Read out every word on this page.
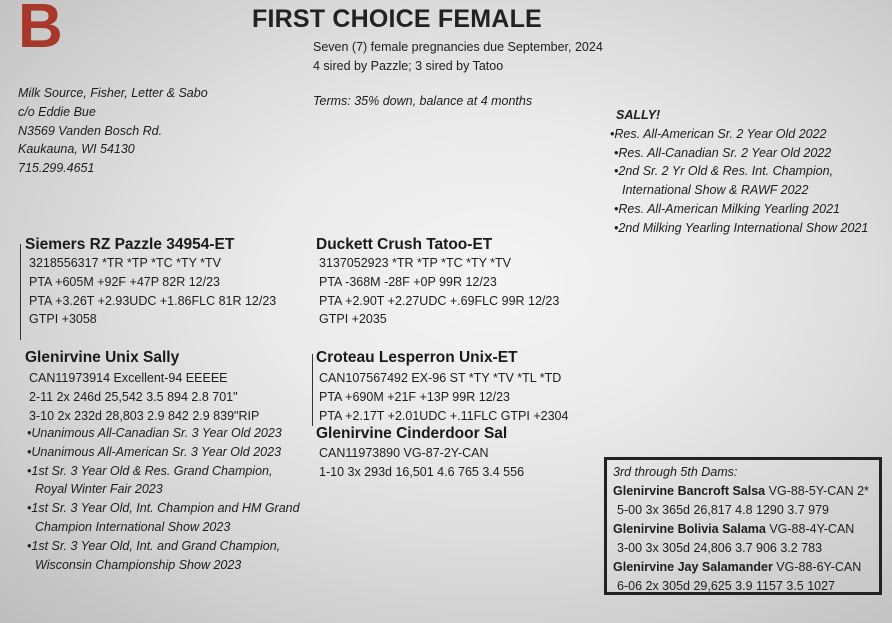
B	FIRST CHOICE FEMALE
Seven (7) female pregnancies due September, 2024
4 sired by Pazzle; 3 sired by Tatoo
Terms: 35% down, balance at 4 months
Milk Source, Fisher, Letter & Sabo
c/o Eddie Bue
N3569 Vanden Bosch Rd.
Kaukauna, WI 54130
715.299.4651
SALLY!
•Res. All-American Sr. 2 Year Old 2022
•Res. All-Canadian Sr. 2 Year Old 2022
•2nd Sr. 2 Yr Old & Res. Int. Champion,
International Show & RAWF 2022
•Res. All-American Milking Yearling 2021
•2nd Milking Yearling International Show 2021
Siemers RZ Pazzle 34954-ET
3218556317 *TR *TP *TC *TY *TV
PTA +605M +92F +47P 82R 12/23
PTA +3.26T +2.93UDC +1.86FLC 81R 12/23
GTPI +3058
Duckett Crush Tatoo-ET
3137052923 *TR *TP *TC *TY *TV
PTA -368M -28F +0P 99R 12/23
PTA +2.90T +2.27UDC +.69FLC 99R 12/23
GTPI +2035
Glenirvine Unix Sally
CAN11973914 Excellent-94 EEEEE
2-11 2x 246d 25,542 3.5 894 2.8 701"
3-10 2x 232d 28,803 2.9 842 2.9 839"RIP
•Unanimous All-Canadian Sr. 3 Year Old 2023
•Unanimous All-American Sr. 3 Year Old 2023
•1st Sr. 3 Year Old & Res. Grand Champion,
Royal Winter Fair 2023
•1st Sr. 3 Year Old, Int. Champion and HM Grand
Champion International Show 2023
•1st Sr. 3 Year Old, Int. and Grand Champion,
Wisconsin Championship Show 2023
Croteau Lesperron Unix-ET
CAN107567492 EX-96 ST *TY *TV *TL *TD
PTA +690M +21F +13P 99R 12/23
PTA +2.17T +2.01UDC +.11FLC GTPI +2304
Glenirvine Cinderdoor Sal
CAN11973890 VG-87-2Y-CAN
1-10 3x 293d 16,501 4.6 765 3.4 556	3rd through 5th Dams:
Glenirvine Bancroft Salsa VG-88-5Y-CAN 2*
5-00 3x 365d 26,817 4.8 1290 3.7 979
Glenirvine Bolivia Salama VG-88-4Y-CAN
3-00 3x 305d 24,806 3.7 906 3.2 783
Glenirvine Jay Salamander VG-88-6Y-CAN
6-06 2x 305d 29,625 3.9 1157 3.5 1027
